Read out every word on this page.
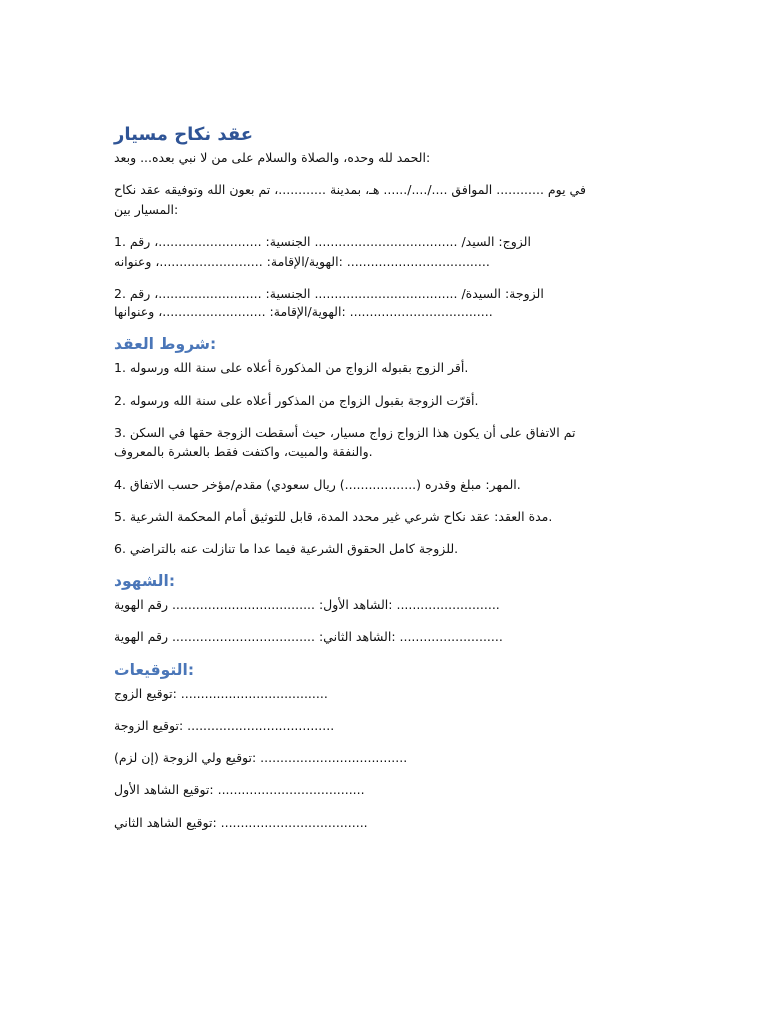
عقد نكاح مسيار
الحمد لله وحده، والصلاة والسلام على من لا نبي بعده... وبعد:
في يوم ............ الموافق ..../..../...... هـ، بمدينة ............، تم بعون الله وتوفيقه عقد نكاح
المسيار بين:
1. الزوج: السيد/ .................................... الجنسية: ..........................، رقم
الهوية/الإقامة: ..........................، وعنوانه: ....................................
2. الزوجة: السيدة/ .................................... الجنسية: ..........................، رقم
الهوية/الإقامة: ..........................، وعنوانها: ....................................
شروط العقد:
1. أقر الزوج بقبوله الزواج من المذكورة أعلاه على سنة الله ورسوله.
2. أقرّت الزوجة بقبول الزواج من المذكور أعلاه على سنة الله ورسوله.
3. تم الاتفاق على أن يكون هذا الزواج زواج مسيار، حيث أسقطت الزوجة حقها في السكن
والنفقة والمبيت، واكتفت فقط بالعشرة بالمعروف.
4. المهر: مبلغ وقدره (..................) ريال سعودي) مقدم/مؤخر حسب الاتفاق.
5. مدة العقد: عقد نكاح شرعي غير محدد المدة، قابل للتوثيق أمام المحكمة الشرعية.
6. للزوجة كامل الحقوق الشرعية فيما عدا ما تنازلت عنه بالتراضي.
الشهود:
الشاهد الأول: .................................... رقم الهوية: ..........................
الشاهد الثاني: .................................... رقم الهوية: ..........................
التوقيعات:
توقيع الزوج: .....................................
توقيع الزوجة: .....................................
توقيع ولي الزوجة (إن لزم): .....................................
توقيع الشاهد الأول: .....................................
توقيع الشاهد الثاني: .....................................
